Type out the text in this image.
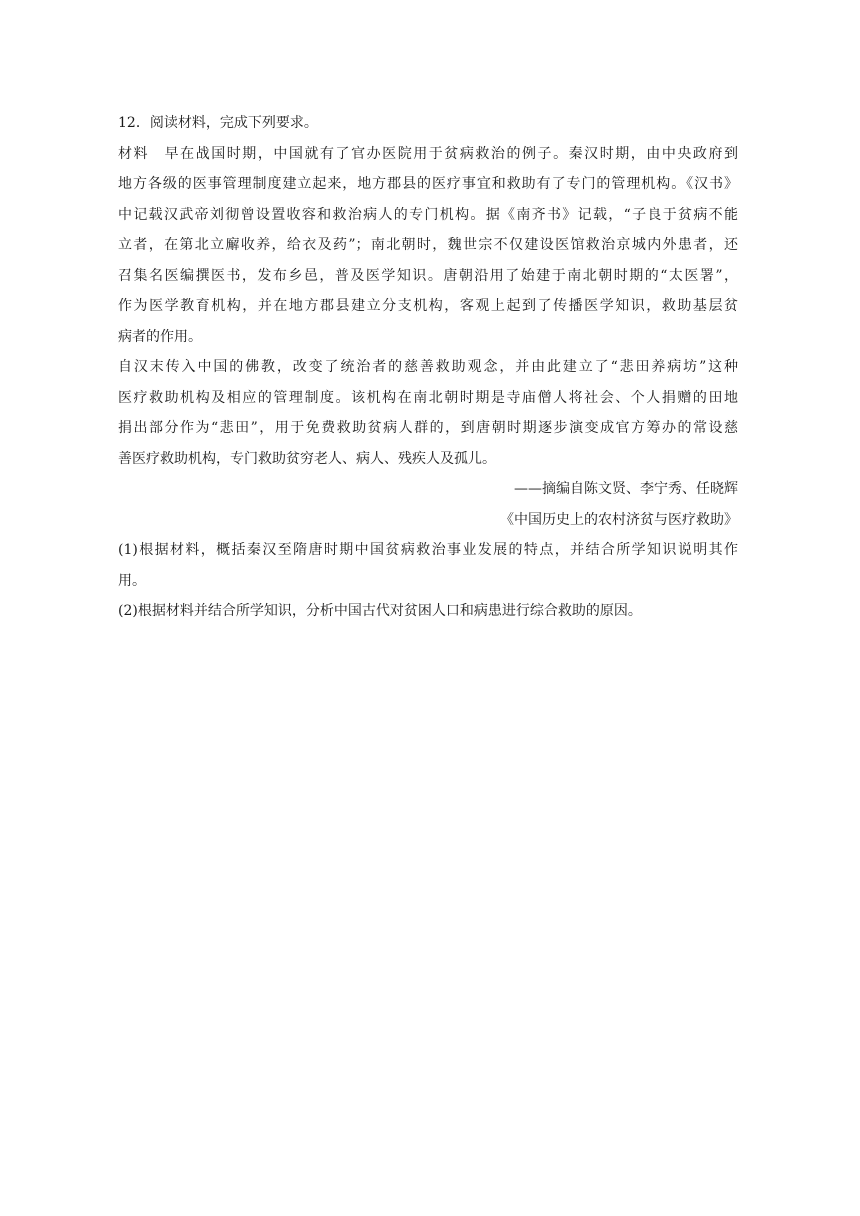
12．阅读材料，完成下列要求。
材料 早在战国时期，中国就有了官办医院用于贫病救治的例子。秦汉时期，由中央政府到
地方各级的医事管理制度建立起来，地方郡县的医疗事宜和救助有了专门的管理机构。《汉书》
中记载汉武帝刘彻曾设置收容和救治病人的专门机构。据《南齐书》记载，“子良于贫病不能
立者，在第北立廨收养，给衣及药”；南北朝时，魏世宗不仅建设医馆救治京城内外患者，还
召集名医编撰医书，发布乡邑，普及医学知识。唐朝沿用了始建于南北朝时期的“太医署”，
作为医学教育机构，并在地方郡县建立分支机构，客观上起到了传播医学知识，救助基层贫
病者的作用。
自汉末传入中国的佛教，改变了统治者的慈善救助观念，并由此建立了“悲田养病坊”这种
医疗救助机构及相应的管理制度。该机构在南北朝时期是寺庙僧人将社会、个人捐赠的田地
捐出部分作为“悲田”，用于免费救助贫病人群的，到唐朝时期逐步演变成官方筹办的常设慈
善医疗救助机构，专门救助贫穷老人、病人、残疾人及孤儿。
——摘编自陈文贤、李宁秀、任晓辉
《中国历史上的农村济贫与医疗救助》
(1)根据材料，概括秦汉至隋唐时期中国贫病救治事业发展的特点，并结合所学知识说明其作
用。
(2)根据材料并结合所学知识，分析中国古代对贫困人口和病患进行综合救助的原因。
